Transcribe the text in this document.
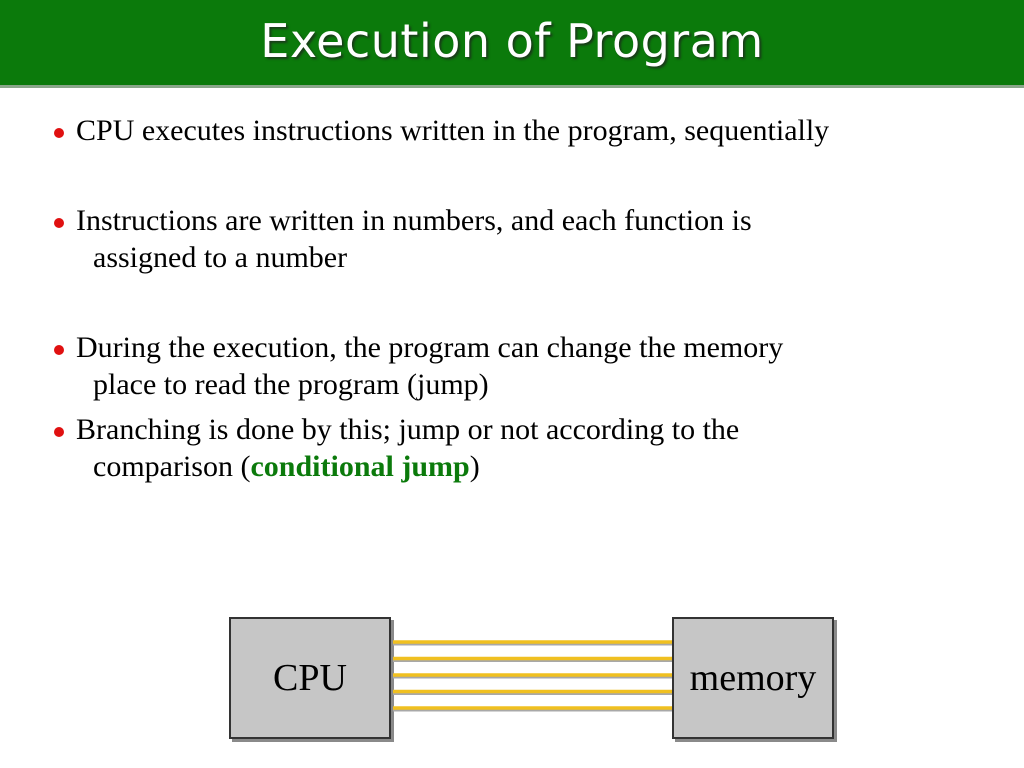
Execution of Program
CPU executes instructions written in the program, sequentially
Instructions are written in numbers, and each function is
assigned to a number
During the execution, the program can change the memory
place to read the program (jump)
Branching is done by this; jump or not according to the
comparison (conditional jump)
CPU	memory
